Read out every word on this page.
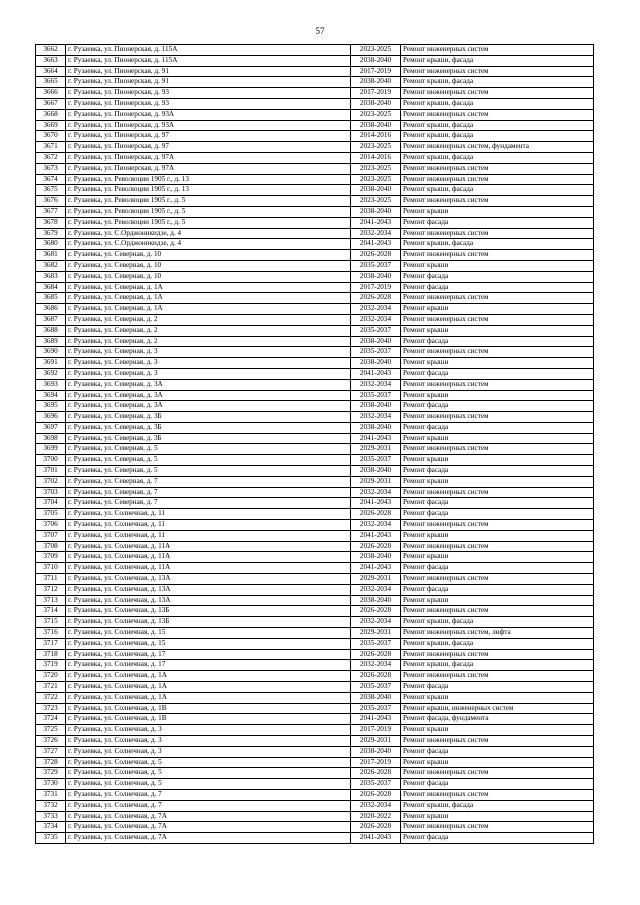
57
3662	г. Рузаевка, ул. Пионерская, д. 115А	2023-2025	Ремонт инженерных систем
3663	г. Рузаевка, ул. Пионерская, д. 115А	2038-2040	Ремонт крыши, фасада
3664	г. Рузаевка, ул. Пионерская, д. 91	2017-2019	Ремонт инженерных систем
3665	г. Рузаевка, ул. Пионерская, д. 91	2038-2040	Ремонт крыши, фасада
3666	г. Рузаевка, ул. Пионерская, д. 93	2017-2019	Ремонт инженерных систем
3667	г. Рузаевка, ул. Пионерская, д. 93	2038-2040	Ремонт крыши, фасада
3668	г. Рузаевка, ул. Пионерская, д. 93А	2023-2025	Ремонт инженерных систем
3669	г. Рузаевка, ул. Пионерская, д. 93А	2038-2040	Ремонт крыши, фасада
3670	г. Рузаевка, ул. Пионерская, д. 97	2014-2016	Ремонт крыши, фасада
3671	г. Рузаевка, ул. Пионерская, д. 97	2023-2025	Ремонт инженерных систем, фундамента
3672	г. Рузаевка, ул. Пионерская, д. 97А	2014-2016	Ремонт крыши, фасада
3673	г. Рузаевка, ул. Пионерская, д. 97А	2023-2025	Ремонт инженерных систем
3674	г. Рузаевка, ул. Революции 1905 г., д. 13	2023-2025	Ремонт инженерных систем
3675	г. Рузаевка, ул. Революции 1905 г., д. 13	2038-2040	Ремонт крыши, фасада
3676	г. Рузаевка, ул. Революции 1905 г., д. 5	2023-2025	Ремонт инженерных систем
3677	г. Рузаевка, ул. Революции 1905 г., д. 5	2038-2040	Ремонт крыши
3678	г. Рузаевка, ул. Революции 1905 г., д. 5	2041-2043	Ремонт фасада
3679	г. Рузаевка, ул. С.Орджоникидзе, д. 4	2032-2034	Ремонт инженерных систем
3680	г. Рузаевка, ул. С.Орджоникидзе, д. 4	2041-2043	Ремонт крыши, фасада
3681	г. Рузаевка, ул. Северная, д. 10	2026-2028	Ремонт инженерных систем
3682	г. Рузаевка, ул. Северная, д. 10	2035-2037	Ремонт крыши
3683	г. Рузаевка, ул. Северная, д. 10	2038-2040	Ремонт фасада
3684	г. Рузаевка, ул. Северная, д. 1А	2017-2019	Ремонт фасада
3685	г. Рузаевка, ул. Северная, д. 1А	2026-2028	Ремонт инженерных систем
3686	г. Рузаевка, ул. Северная, д. 1А	2032-2034	Ремонт крыши
3687	г. Рузаевка, ул. Северная, д. 2	2032-2034	Ремонт инженерных систем
3688	г. Рузаевка, ул. Северная, д. 2	2035-2037	Ремонт крыши
3689	г. Рузаевка, ул. Северная, д. 2	2038-2040	Ремонт фасада
3690	г. Рузаевка, ул. Северная, д. 3	2035-2037	Ремонт инженерных систем
3691	г. Рузаевка, ул. Северная, д. 3	2038-2040	Ремонт крыши
3692	г. Рузаевка, ул. Северная, д. 3	2041-2043	Ремонт фасада
3693	г. Рузаевка, ул. Северная, д. 3А	2032-2034	Ремонт инженерных систем
3694	г. Рузаевка, ул. Северная, д. 3А	2035-2037	Ремонт крыши
3695	г. Рузаевка, ул. Северная, д. 3А	2038-2040	Ремонт фасада
3696	г. Рузаевка, ул. Северная, д. 3Б	2032-2034	Ремонт инженерных систем
3697	г. Рузаевка, ул. Северная, д. 3Б	2038-2040	Ремонт фасада
3698	г. Рузаевка, ул. Северная, д. 3Б	2041-2043	Ремонт крыши
3699	г. Рузаевка, ул. Северная, д. 5	2029-2031	Ремонт инженерных систем
3700	г. Рузаевка, ул. Северная, д. 5	2035-2037	Ремонт крыши
3701	г. Рузаевка, ул. Северная, д. 5	2038-2040	Ремонт фасада
3702	г. Рузаевка, ул. Северная, д. 7	2029-2031	Ремонт крыши
3703	г. Рузаевка, ул. Северная, д. 7	2032-2034	Ремонт инженерных систем
3704	г. Рузаевка, ул. Северная, д. 7	2041-2043	Ремонт фасада
3705	г. Рузаевка, ул. Солнечная, д. 11	2026-2028	Ремонт фасада
3706	г. Рузаевка, ул. Солнечная, д. 11	2032-2034	Ремонт инженерных систем
3707	г. Рузаевка, ул. Солнечная, д. 11	2041-2043	Ремонт крыши
3708	г. Рузаевка, ул. Солнечная, д. 11А	2026-2028	Ремонт инженерных систем
3709	г. Рузаевка, ул. Солнечная, д. 11А	2038-2040	Ремонт крыши
3710	г. Рузаевка, ул. Солнечная, д. 11А	2041-2043	Ремонт фасада
3711	г. Рузаевка, ул. Солнечная, д. 13А	2029-2031	Ремонт инженерных систем
3712	г. Рузаевка, ул. Солнечная, д. 13А	2032-2034	Ремонт фасада
3713	г. Рузаевка, ул. Солнечная, д. 13А	2038-2040	Ремонт крыши
3714	г. Рузаевка, ул. Солнечная, д. 13Б	2026-2028	Ремонт инженерных систем
3715	г. Рузаевка, ул. Солнечная, д. 13Б	2032-2034	Ремонт крыши, фасада
3716	г. Рузаевка, ул. Солнечная, д. 15	2029-2031	Ремонт инженерных систем, лифта
3717	г. Рузаевка, ул. Солнечная, д. 15	2035-2037	Ремонт крыши, фасада
3718	г. Рузаевка, ул. Солнечная, д. 17	2026-2028	Ремонт инженерных систем
3719	г. Рузаевка, ул. Солнечная, д. 17	2032-2034	Ремонт крыши, фасада
3720	г. Рузаевка, ул. Солнечная, д. 1А	2026-2028	Ремонт инженерных систем
3721	г. Рузаевка, ул. Солнечная, д. 1А	2035-2037	Ремонт фасада
3722	г. Рузаевка, ул. Солнечная, д. 1А	2038-2040	Ремонт крыши
3723	г. Рузаевка, ул. Солнечная, д. 1В	2035-2037	Ремонт крыши, инженерных систем
3724	г. Рузаевка, ул. Солнечная, д. 1В	2041-2043	Ремонт фасада, фундамента
3725	г. Рузаевка, ул. Солнечная, д. 3	2017-2019	Ремонт крыши
3726	г. Рузаевка, ул. Солнечная, д. 3	2029-2031	Ремонт инженерных систем
3727	г. Рузаевка, ул. Солнечная, д. 3	2038-2040	Ремонт фасада
3728	г. Рузаевка, ул. Солнечная, д. 5	2017-2019	Ремонт крыши
3729	г. Рузаевка, ул. Солнечная, д. 5	2026-2028	Ремонт инженерных систем
3730	г. Рузаевка, ул. Солнечная, д. 5	2035-2037	Ремонт фасада
3731	г. Рузаевка, ул. Солнечная, д. 7	2026-2028	Ремонт инженерных систем
3732	г. Рузаевка, ул. Солнечная, д. 7	2032-2034	Ремонт крыши, фасада
3733	г. Рузаевка, ул. Солнечная, д. 7А	2020-2022	Ремонт крыши
3734	г. Рузаевка, ул. Солнечная, д. 7А	2026-2028	Ремонт инженерных систем
3735	г. Рузаевка, ул. Солнечная, д. 7А	2041-2043	Ремонт фасада
